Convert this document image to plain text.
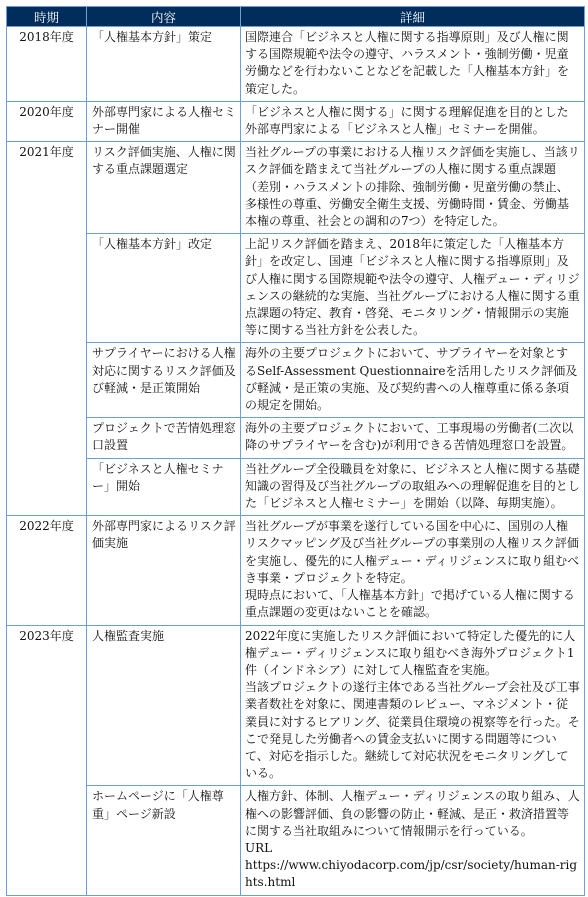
時期	内容	詳細
2018年度	「人権基本方針」策定	国際連合「ビジネスと人権に関する指導原則」及び人権に関する国際規範や法令の遵守、ハラスメント・強制労働・児童労働などを行わないことなどを記載した「人権基本方針」を策定した。

2020年度	外部専門家による人権セミナー開催	「ビジネスと人権に関する」に関する理解促進を目的とした外部専門家による「ビジネスと人権」セミナーを開催。

2021年度	リスク評価実施、人権に関する重点課題選定	当社グループの事業における人権リスク評価を実施し、当該リスク評価を踏まえて当社グループの人権に関する重点課題（差別・ハラスメントの排除、強制労働・児童労働の禁止、多様性の尊重、労働安全衛生支援、労働時間・賃金、労働基本権の尊重、社会との調和の7つ）を特定した。

	「人権基本方針」改定	上記リスク評価を踏まえ、2018年に策定した「人権基本方針」を改定し、国連「ビジネスと人権に関する指導原則」及び人権に関する国際規範や法令の遵守、人権デュー・ディリジェンスの継続的な実施、当社グループにおける人権に関する重点課題の特定、教育・啓発、モニタリング・情報開示の実施等に関する当社方針を公表した。

	サプライヤーにおける人権対応に関するリスク評価及び軽減・是正策開始	海外の主要プロジェクトにおいて、サプライヤーを対象とするSelf-Assessment Questionnaireを活用したリスク評価及び軽減・是正策の実施、及び契約書への人権尊重に係る条項の規定を開始。

	プロジェクトで苦情処理窓口設置	海外の主要プロジェクトにおいて、工事現場の労働者(二次以降のサプライヤーを含む)が利用できる苦情処理窓口を設置。

	「ビジネスと人権セミナー」開始	当社グループ全役職員を対象に、ビジネスと人権に関する基礎知識の習得及び当社グループの取組みへの理解促進を目的とした「ビジネスと人権セミナー」を開始（以降、毎期実施）。

2022年度	外部専門家によるリスク評価実施	当社グループが事業を遂行している国を中心に、国別の人権リスクマッピング及び当社グループの事業別の人権リスク評価を実施し、優先的に人権デュー・ディリジェンスに取り組むべき事業・プロジェクトを特定。
現時点において、「人権基本方針」で掲げている人権に関する重点課題の変更はないことを確認。

2023年度	人権監査実施	2022年度に実施したリスク評価において特定した優先的に人権デュー・ディリジェンスに取り組むべき海外プロジェクト1件（インドネシア）に対して人権監査を実施。
当該プロジェクトの遂行主体である当社グループ会社及び工事業者数社を対象に、関連書類のレビュー、マネジメント・従業員に対するヒアリング、従業員住環境の視察等を行った。そこで発見した労働者への賃金支払いに関する問題等について、対応を指示した。継続して対応状況をモニタリングしている。

	ホームページに「人権尊重」ページ新設	人権方針、体制、人権デュー・ディリジェンスの取り組み、人権への影響評価、負の影響の防止・軽減、是正・救済措置等に関する当社取組みについて情報開示を行っている。
URL
https://www.chiyodacorp.com/jp/csr/society/human-rights.html
